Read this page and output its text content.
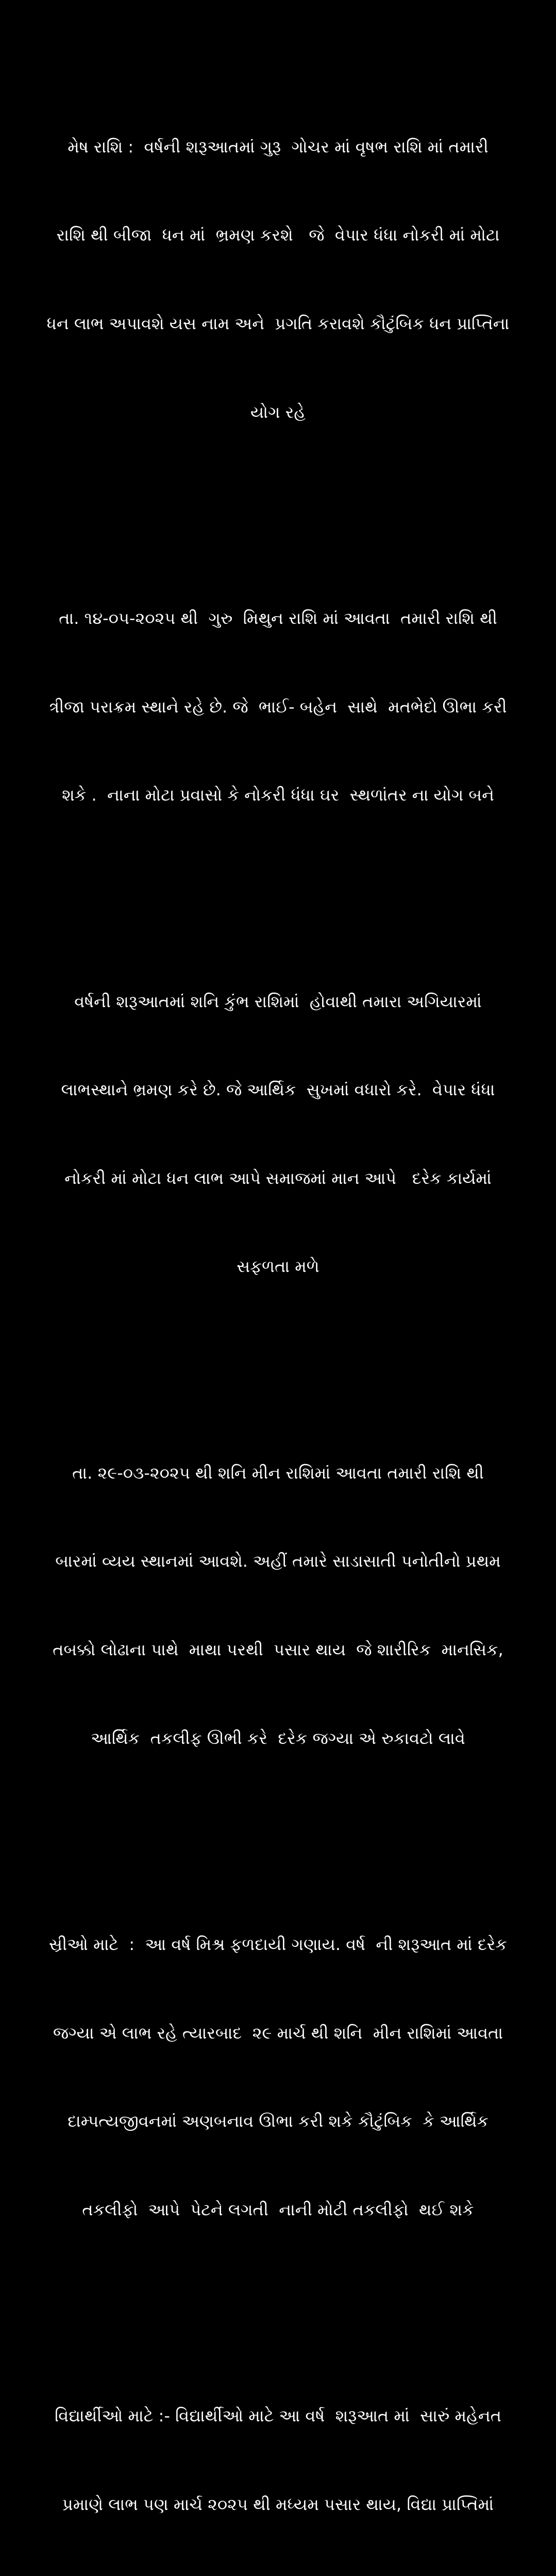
મેષ રાશિ :  વર્ષની શરૂઆતમાં ગુરૂ  ગોચર માં વૃષભ રાશિ માં તમારી

રાશિ થી બીજા  ધન માં  ભ્રમણ કરશે   જે  વેપાર ધંધા નોકરી માં મોટા

ધન લાભ અપાવશે યસ નામ અને  પ્રગતિ કરાવશે કૌટુંબિક ધન પ્રાપ્તિના

યોગ રહે

તા. ૧૪-૦૫-૨૦૨૫ થી  ગુરુ  મિથુન રાશિ માં આવતા  તમારી રાશિ થી

ત્રીજા પરાક્રમ સ્થાને રહે છે. જે  ભાઈ- બહેન  સાથે  મતભેદો ઊભા કરી

શકે .  નાના મોટા પ્રવાસો કે નોકરી ધંધા ઘર  સ્થળાંતર ના યોગ બને

વર્ષની શરૂઆતમાં શનિ કુંભ રાશિમાં  હોવાથી તમારા અગિયારમાં

લાભસ્થાને ભ્રમણ કરે છે. જે આર્થિક  સુખમાં વધારો કરે.  વેપાર ધંધા

નોકરી માં મોટા ધન લાભ આપે સમાજમાં માન આપે   દરેક કાર્યમાં

સફળતા મળે

તા. ૨૯-૦૩-૨૦૨૫ થી શનિ મીન રાશિમાં આવતા તમારી રાશિ થી

બારમાં વ્યય સ્થાનમાં આવશે. અહીં તમારે સાડાસાતી પનોતીનો પ્રથમ

તબક્કો લોઢાના પાથે  માથા પરથી  પસાર થાય  જે શારીરિક  માનસિક,

આર્થિક  તકલીફ ઊભી કરે  દરેક જગ્યા એ રુકાવટો લાવે

સ્રીઓ માટે  :  આ વર્ષ મિશ્ર ફળદાયી ગણાય. વર્ષ  ની શરૂઆત માં દરેક

જગ્યા એ લાભ રહે ત્યારબાદ  ૨૯ માર્ચ થી શનિ  મીન રાશિમાં આવતા

દામ્પત્યજીવનમાં અણબનાવ ઊભા કરી શકે કૌટુંબિક  કે આર્થિક

તકલીફો  આપે  પેટને લગતી  નાની મોટી તકલીફો  થઈ શકે

વિદ્યાર્થીઓ માટે :- વિદ્યાર્થીઓ માટે આ વર્ષ  શરૂઆત માં  સારું મહેનત

પ્રમાણે લાભ પણ માર્ચ ૨૦૨૫ થી મધ્યમ પસાર થાય, વિદ્યા પ્રાપ્તિમાં
